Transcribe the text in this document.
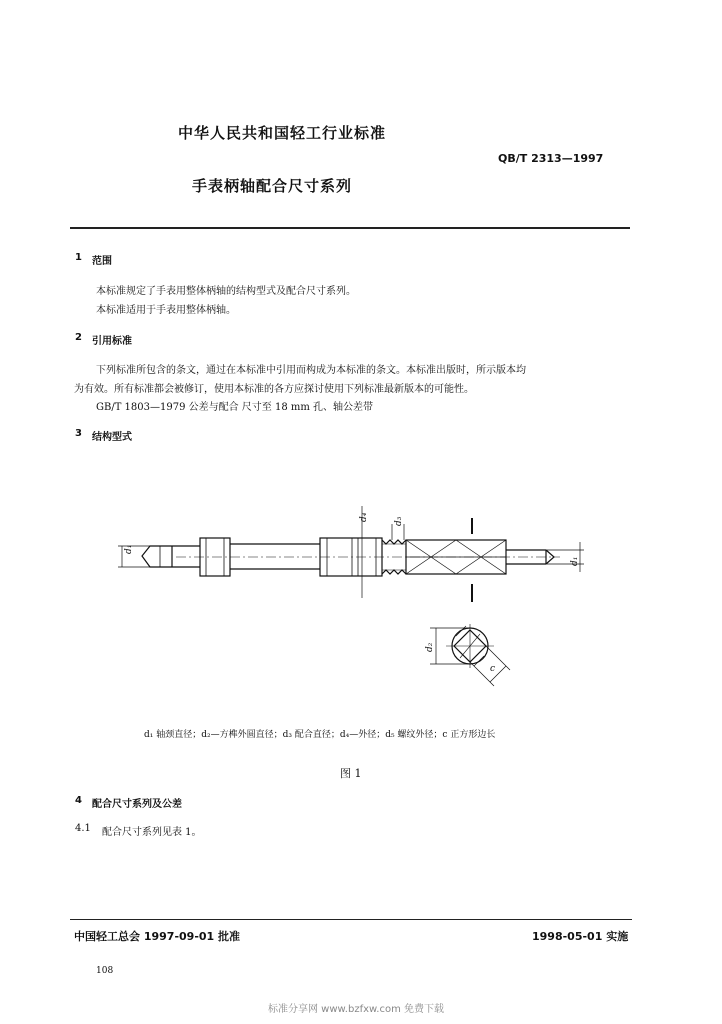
中华人民共和国轻工行业标准
QB/T 2313—1997
手表柄轴配合尺寸系列
1 范围
本标准规定了手表用整体柄轴的结构型式及配合尺寸系列。
本标准适用于手表用整体柄轴。
2 引用标准
下列标准所包含的条文，通过在本标准中引用而构成为本标准的条文。本标准出版时，所示版本均
为有效。所有标准都会被修订，使用本标准的各方应探讨使用下列标准最新版本的可能性。
GB/T 1803—1979 公差与配合 尺寸至 18 mm 孔、轴公差带
3 结构型式
d₁
d₁
d₄	d₃
d₂
c
d₁ 轴颈直径；d₂—方榫外圆直径；d₃ 配合直径；d₄—外径；d₅ 螺纹外径；c 正方形边长
图 1
4 配合尺寸系列及公差
4.1 配合尺寸系列见表 1。
中国轻工总会 1997-09-01 批准	1998-05-01 实施
108
标准分享网 www.bzfxw.com 免费下载
